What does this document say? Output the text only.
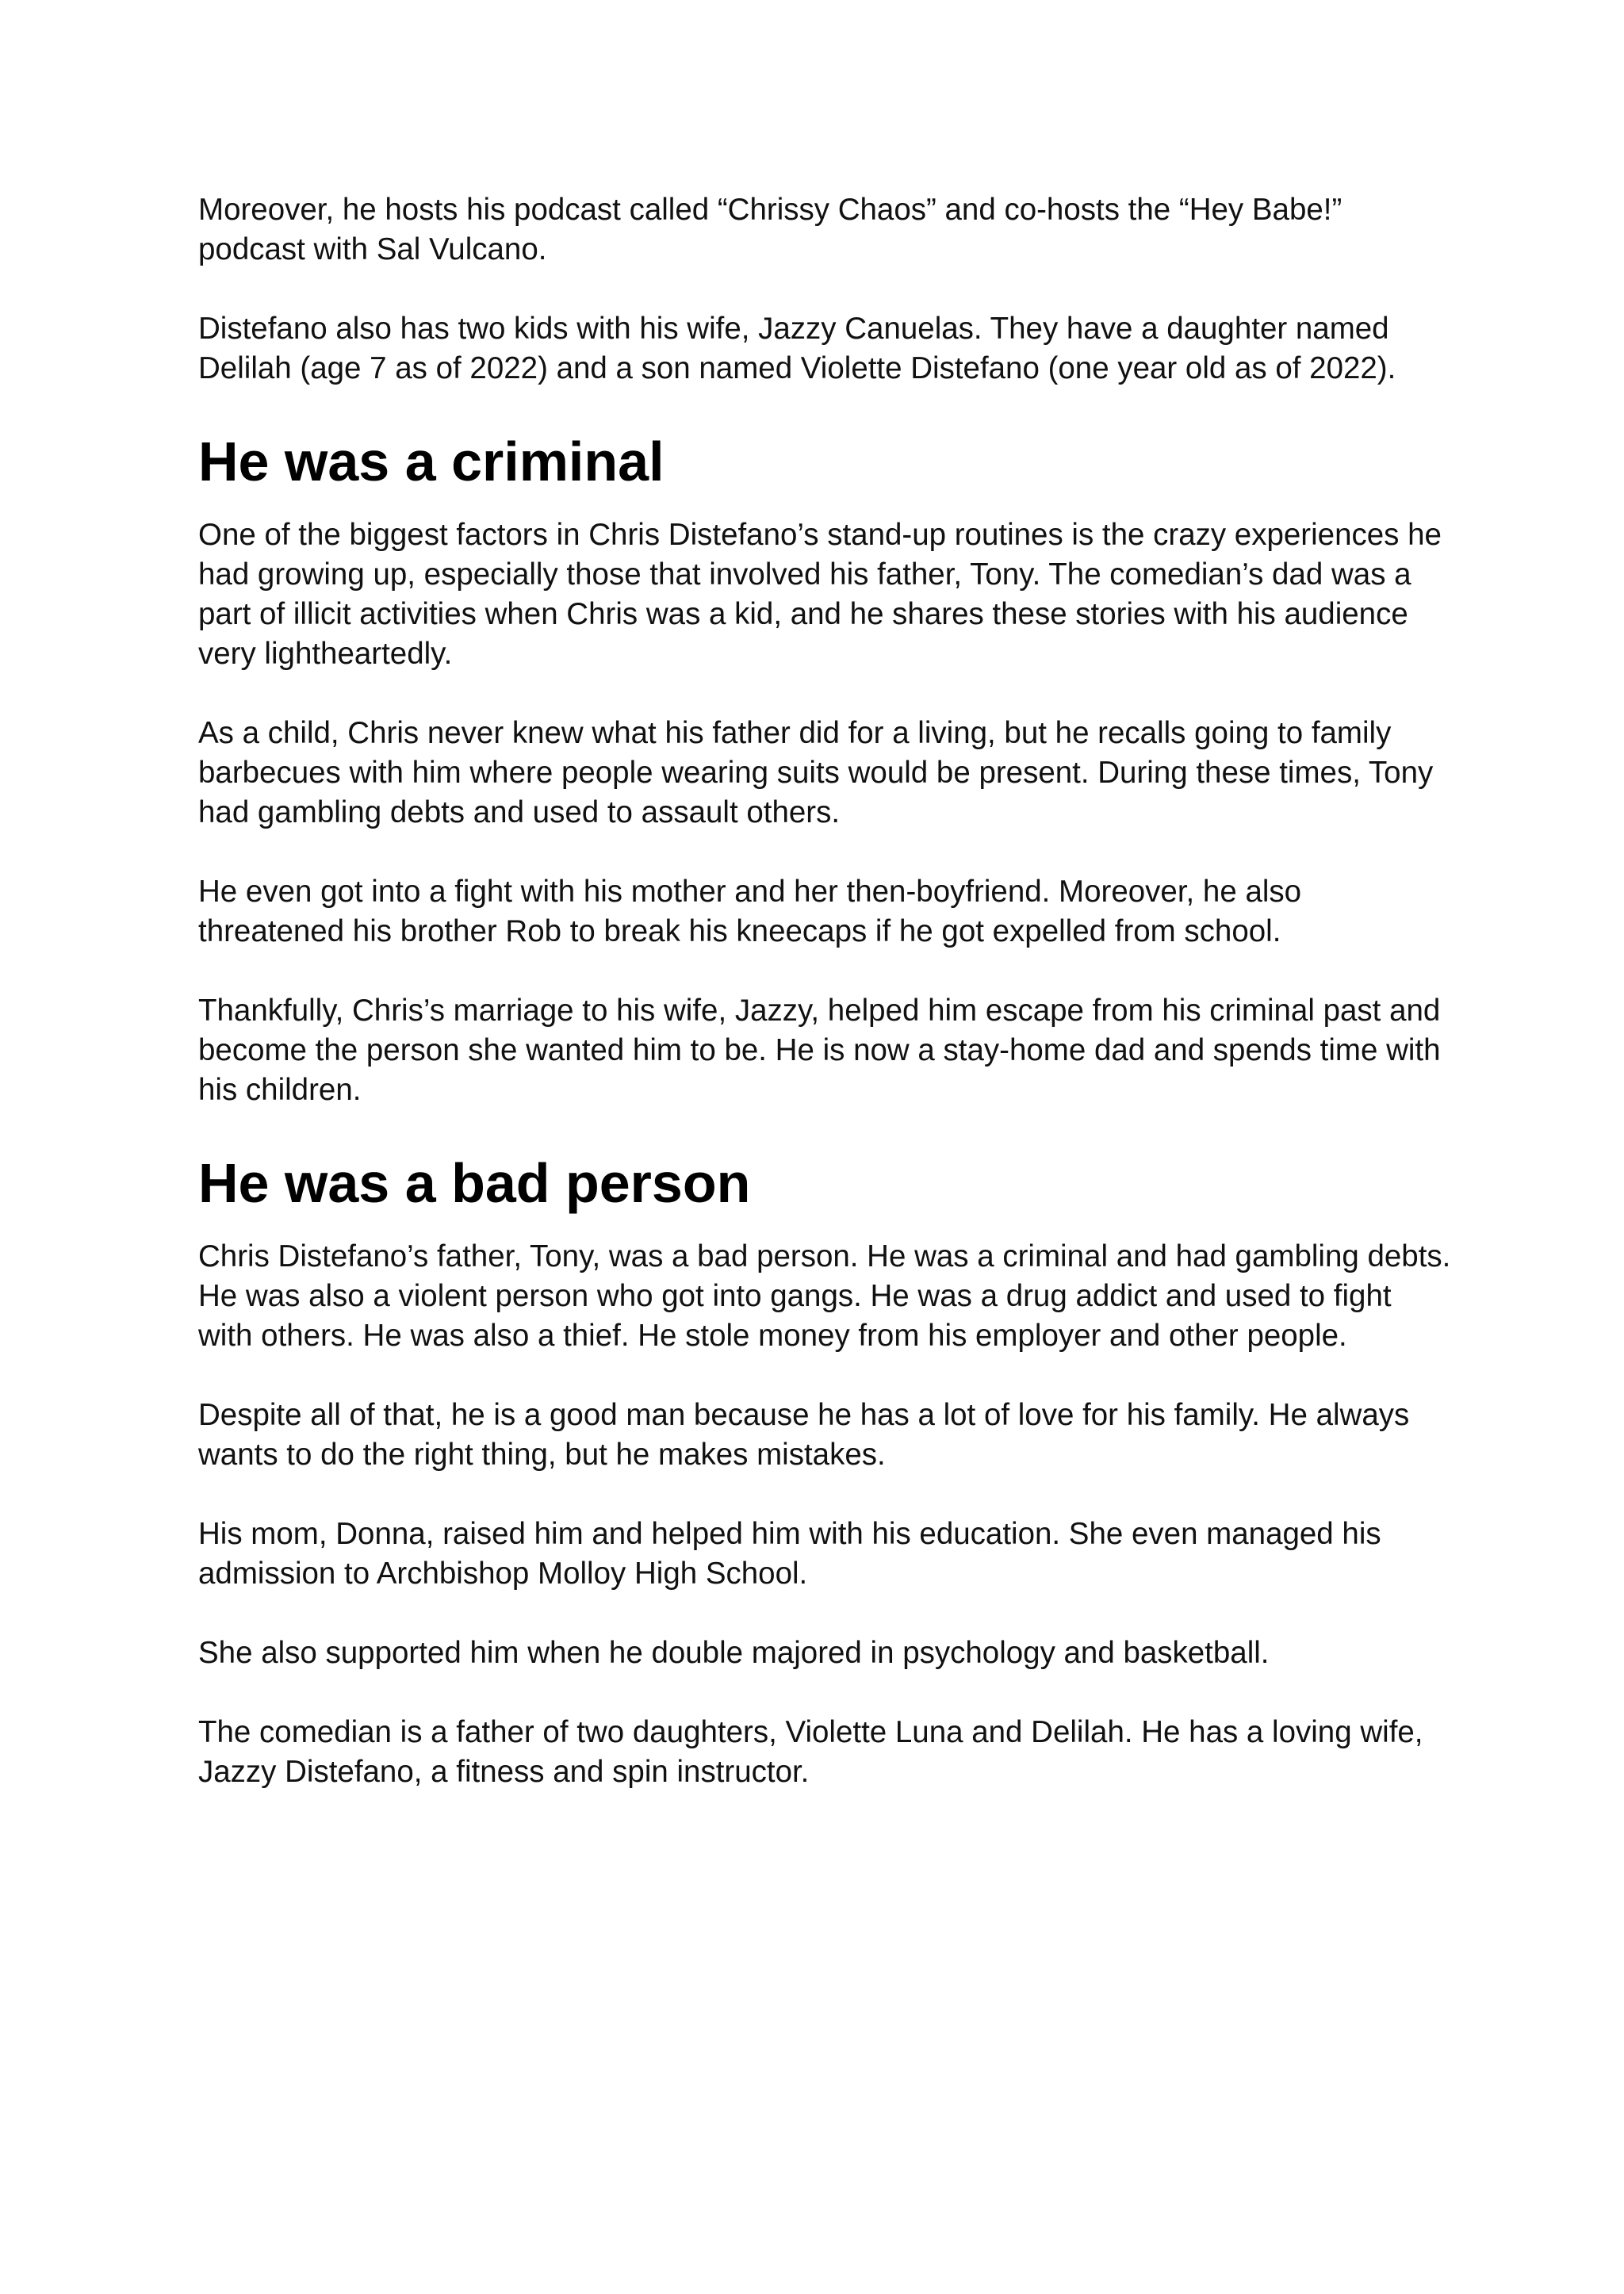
Moreover, he hosts his podcast called “Chrissy Chaos” and co-hosts the “Hey Babe!” podcast with Sal Vulcano.

Distefano also has two kids with his wife, Jazzy Canuelas. They have a daughter named Delilah (age 7 as of 2022) and a son named Violette Distefano (one year old as of 2022).

He was a criminal

One of the biggest factors in Chris Distefano’s stand-up routines is the crazy experiences he had growing up, especially those that involved his father, Tony. The comedian’s dad was a part of illicit activities when Chris was a kid, and he shares these stories with his audience very lightheartedly.

As a child, Chris never knew what his father did for a living, but he recalls going to family barbecues with him where people wearing suits would be present. During these times, Tony had gambling debts and used to assault others.

He even got into a fight with his mother and her then-boyfriend. Moreover, he also threatened his brother Rob to break his kneecaps if he got expelled from school.

Thankfully, Chris’s marriage to his wife, Jazzy, helped him escape from his criminal past and become the person she wanted him to be. He is now a stay-home dad and spends time with his children.

He was a bad person

Chris Distefano’s father, Tony, was a bad person. He was a criminal and had gambling debts. He was also a violent person who got into gangs. He was a drug addict and used to fight with others. He was also a thief. He stole money from his employer and other people.

Despite all of that, he is a good man because he has a lot of love for his family. He always wants to do the right thing, but he makes mistakes.

His mom, Donna, raised him and helped him with his education. She even managed his admission to Archbishop Molloy High School.

She also supported him when he double majored in psychology and basketball.

The comedian is a father of two daughters, Violette Luna and Delilah. He has a loving wife, Jazzy Distefano, a fitness and spin instructor.
